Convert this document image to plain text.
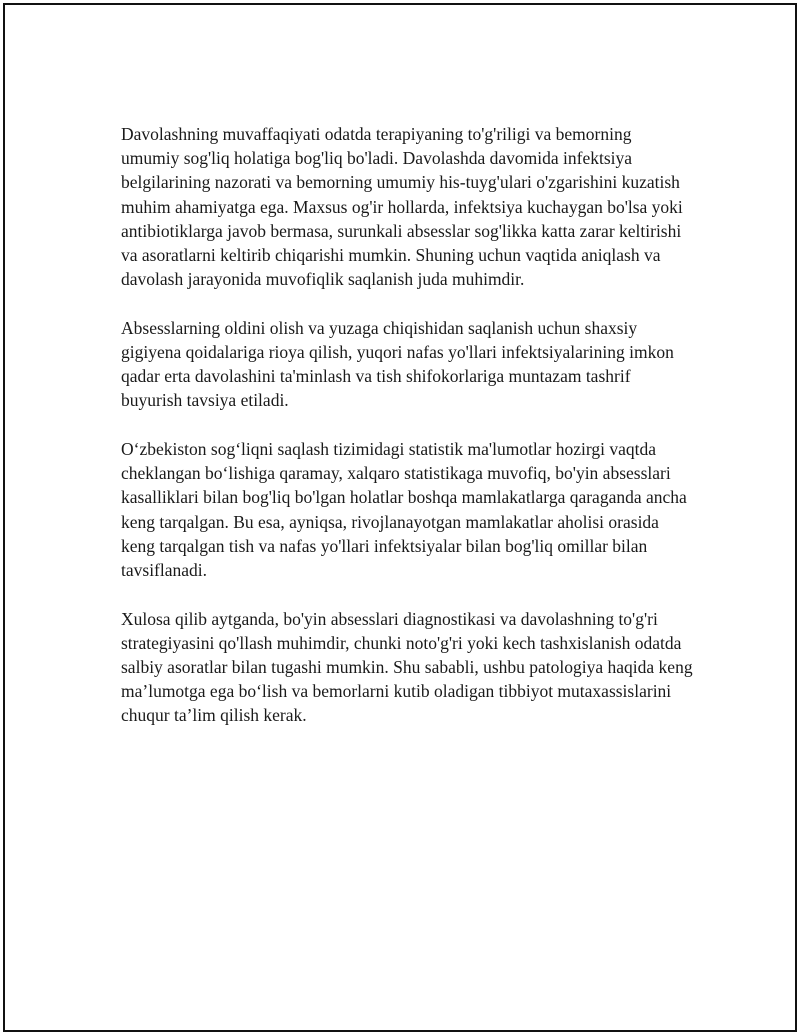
Davolashning muvaffaqiyati odatda terapiyaning to'g'riligi va bemorning umumiy sog'liq holatiga bog'liq bo'ladi. Davolashda davomida infektsiya belgilarining nazorati va bemorning umumiy his-tuyg'ulari o'zgarishini kuzatish muhim ahamiyatga ega. Maxsus og'ir hollarda, infektsiya kuchaygan bo'lsa yoki antibiotiklarga javob bermasa, surunkali absesslar sog'likka katta zarar keltirishi va asoratlarni keltirib chiqarishi mumkin. Shuning uchun vaqtida aniqlash va davolash jarayonida muvofiqlik saqlanish juda muhimdir.

Absesslarning oldini olish va yuzaga chiqishidan saqlanish uchun shaxsiy gigiyena qoidalariga rioya qilish, yuqori nafas yo'llari infektsiyalarining imkon qadar erta davolashini ta'minlash va tish shifokorlariga muntazam tashrif buyurish tavsiya etiladi.

O‘zbekiston sog‘liqni saqlash tizimidagi statistik ma'lumotlar hozirgi vaqtda cheklangan bo‘lishiga qaramay, xalqaro statistikaga muvofiq, bo'yin absesslari kasalliklari bilan bog'liq bo'lgan holatlar boshqa mamlakatlarga qaraganda ancha keng tarqalgan. Bu esa, ayniqsa, rivojlanayotgan mamlakatlar aholisi orasida keng tarqalgan tish va nafas yo'llari infektsiyalar bilan bog'liq omillar bilan tavsiflanadi.

Xulosa qilib aytganda, bo'yin absesslari diagnostikasi va davolashning to'g'ri strategiyasini qo'llash muhimdir, chunki noto'g'ri yoki kech tashxislanish odatda salbiy asoratlar bilan tugashi mumkin. Shu sababli, ushbu patologiya haqida keng ma’lumotga ega bo‘lish va bemorlarni kutib oladigan tibbiyot mutaxassislarini chuqur ta’lim qilish kerak.
